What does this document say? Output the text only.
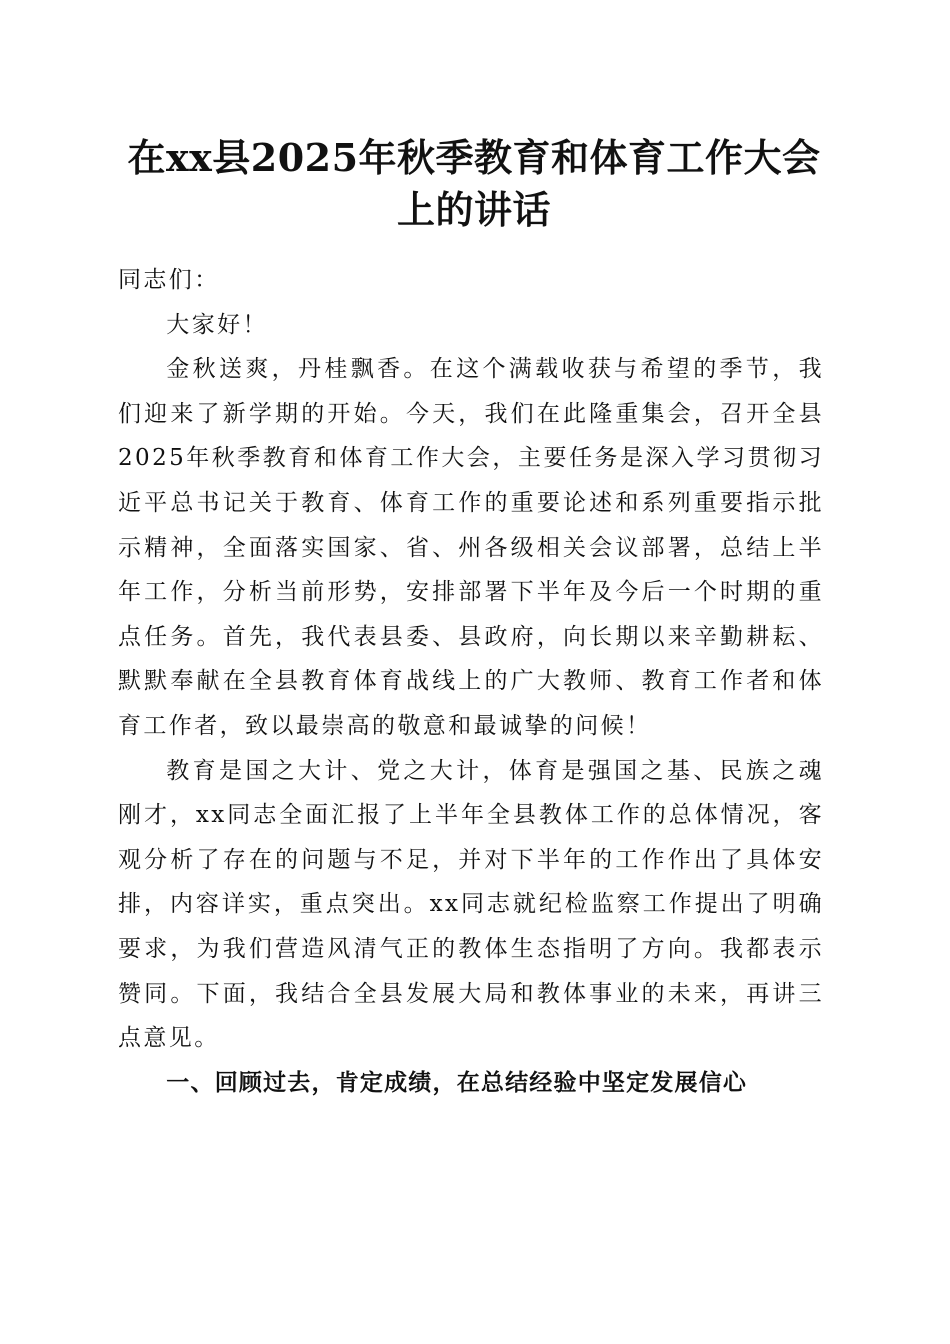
在xx县2025年秋季教育和体育工作大会上的讲话

同志们：

大家好！

金秋送爽，丹桂飘香。在这个满载收获与希望的季节，我们迎来了新学期的开始。今天，我们在此隆重集会，召开全县2025年秋季教育和体育工作大会，主要任务是深入学习贯彻习近平总书记关于教育、体育工作的重要论述和系列重要指示批示精神，全面落实国家、省、州各级相关会议部署，总结上半年工作，分析当前形势，安排部署下半年及今后一个时期的重点任务。首先，我代表县委、县政府，向长期以来辛勤耕耘、默默奉献在全县教育体育战线上的广大教师、教育工作者和体育工作者，致以最崇高的敬意和最诚挚的问候！

教育是国之大计、党之大计，体育是强国之基、民族之魂刚才，xx同志全面汇报了上半年全县教体工作的总体情况，客观分析了存在的问题与不足，并对下半年的工作作出了具体安排，内容详实，重点突出。xx同志就纪检监察工作提出了明确要求，为我们营造风清气正的教体生态指明了方向。我都表示赞同。下面，我结合全县发展大局和教体事业的未来，再讲三点意见。

一、回顾过去，肯定成绩，在总结经验中坚定发展信心
